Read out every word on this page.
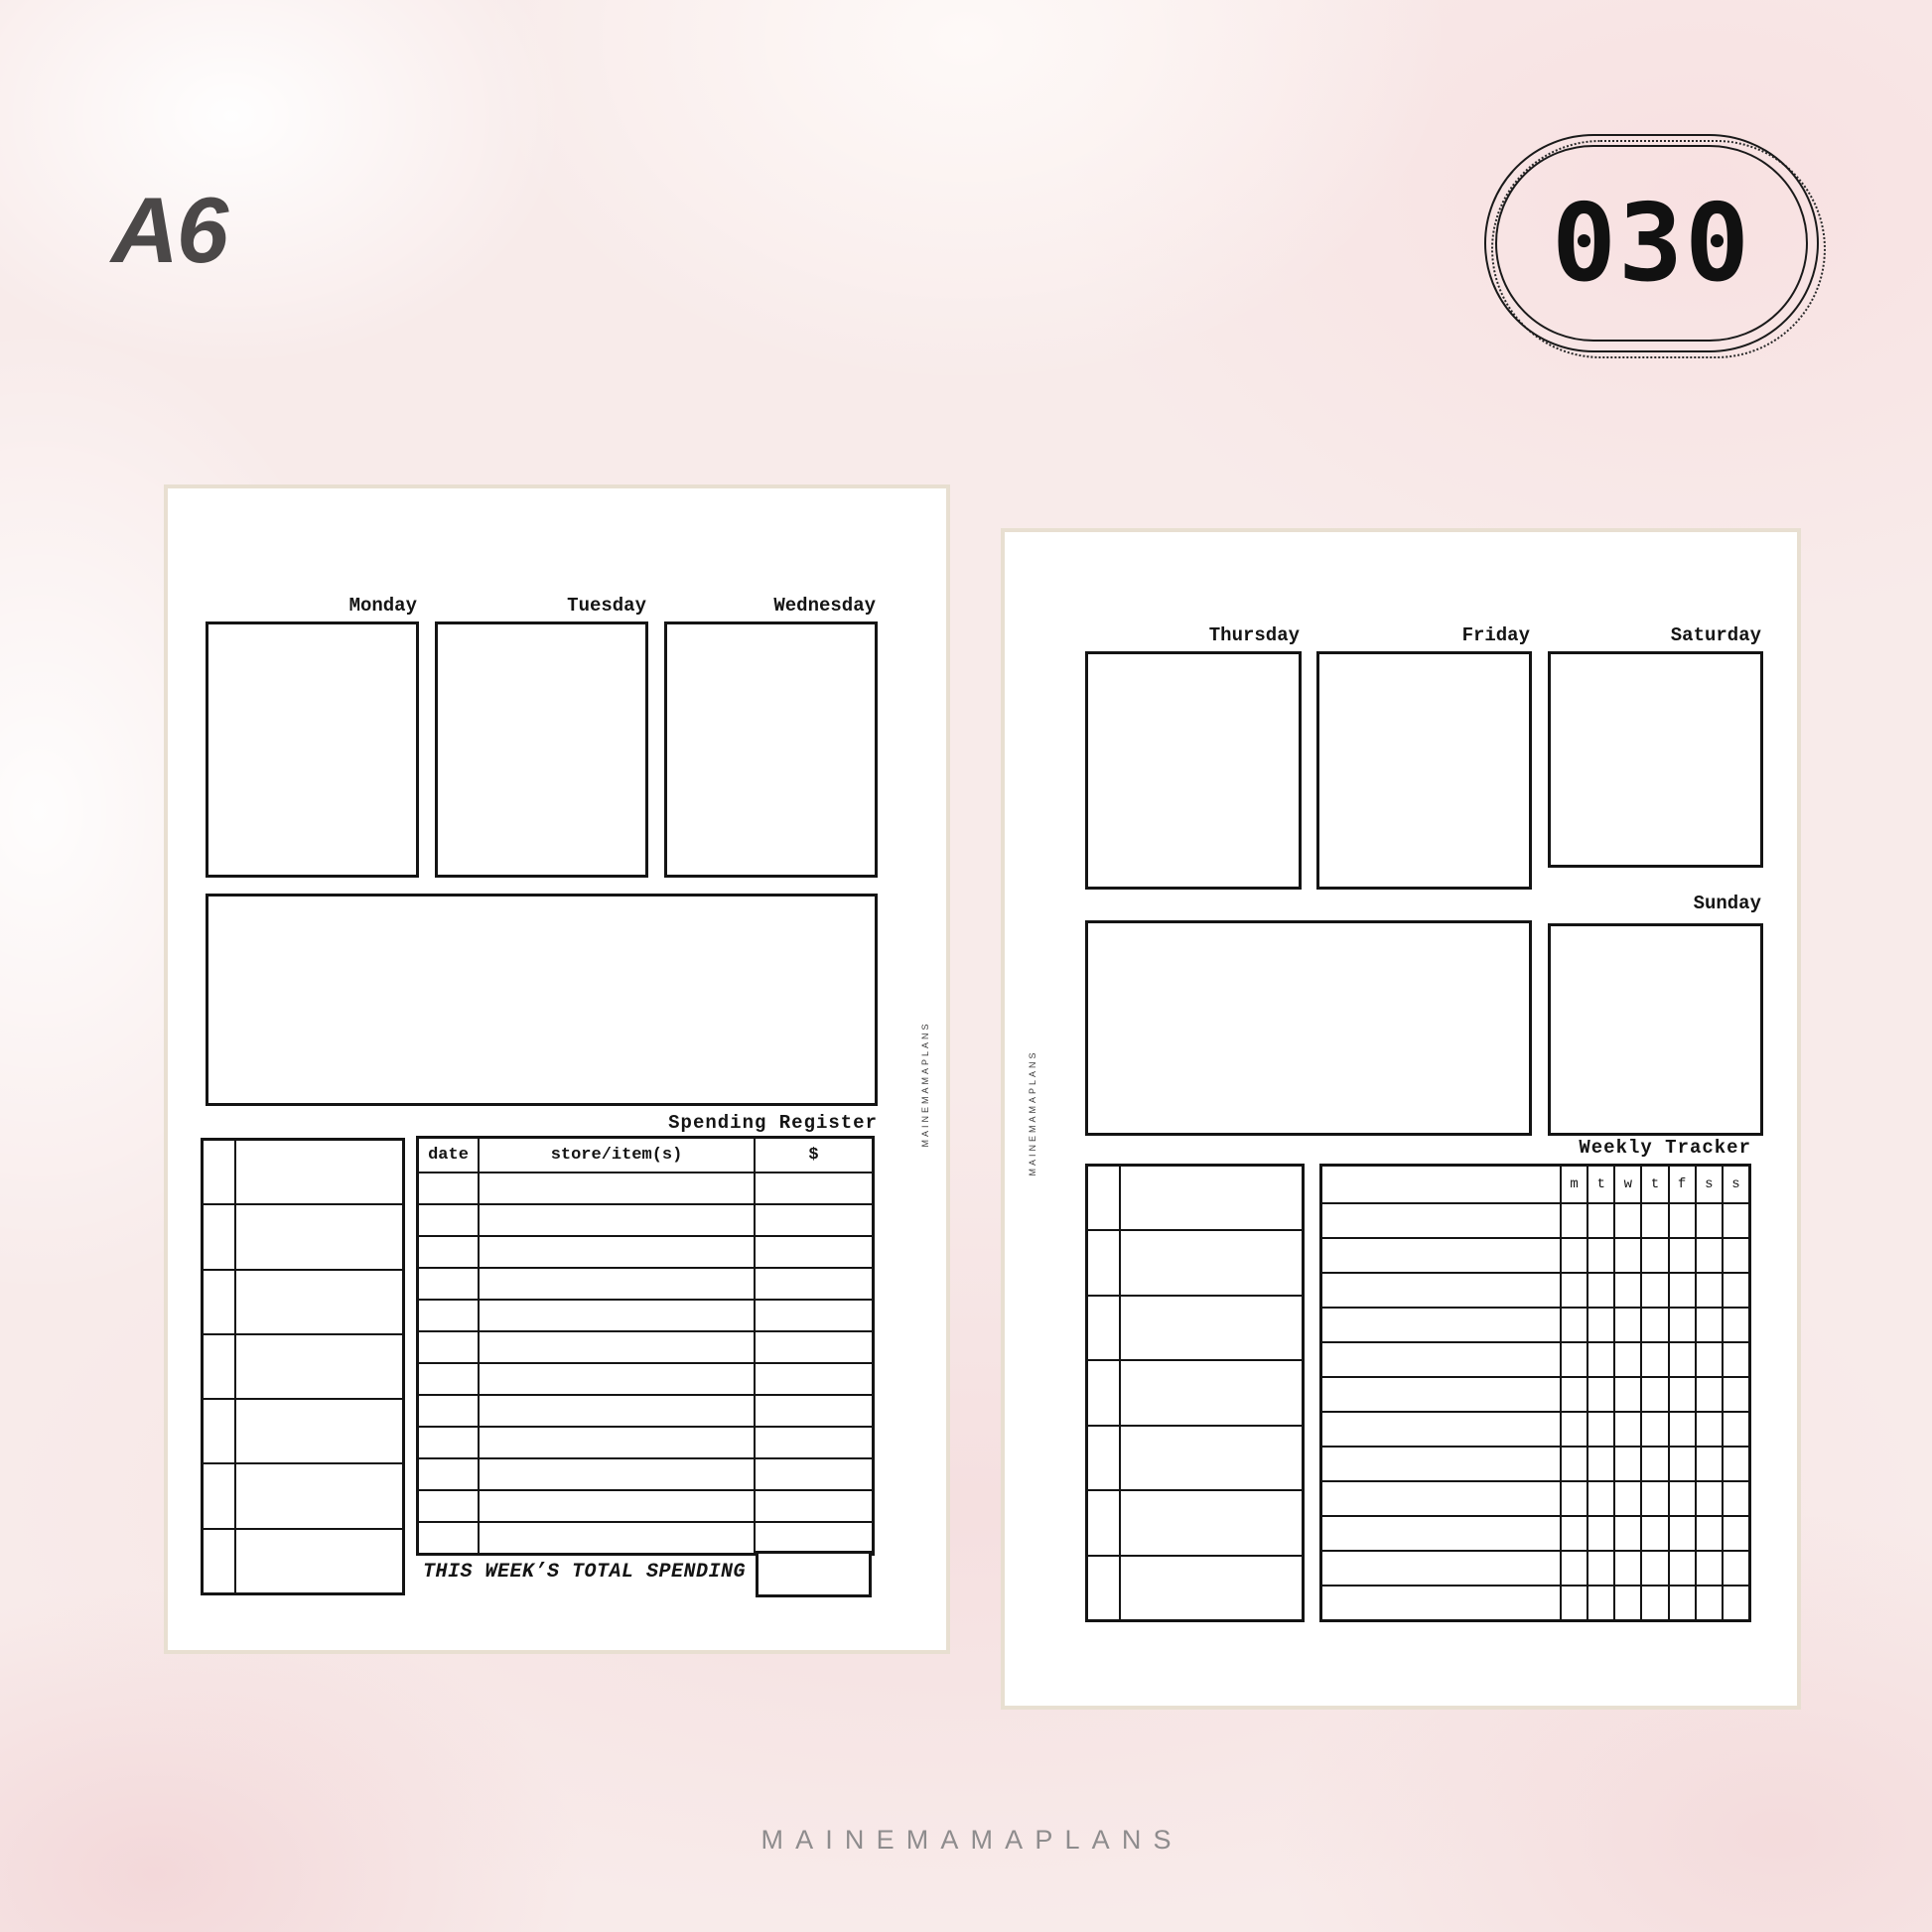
A6	030
Monday	Tuesday	Wednesday
Spending Register
date	store/item(s)	$
THIS WEEK’S TOTAL SPENDING
MAINEMAMAPLANS
Thursday	Friday	Saturday
Sunday
Weekly Tracker
m	t	w	t	f	s	s
MAINEMAMAPLANS
MAINEMAMAPLANS
